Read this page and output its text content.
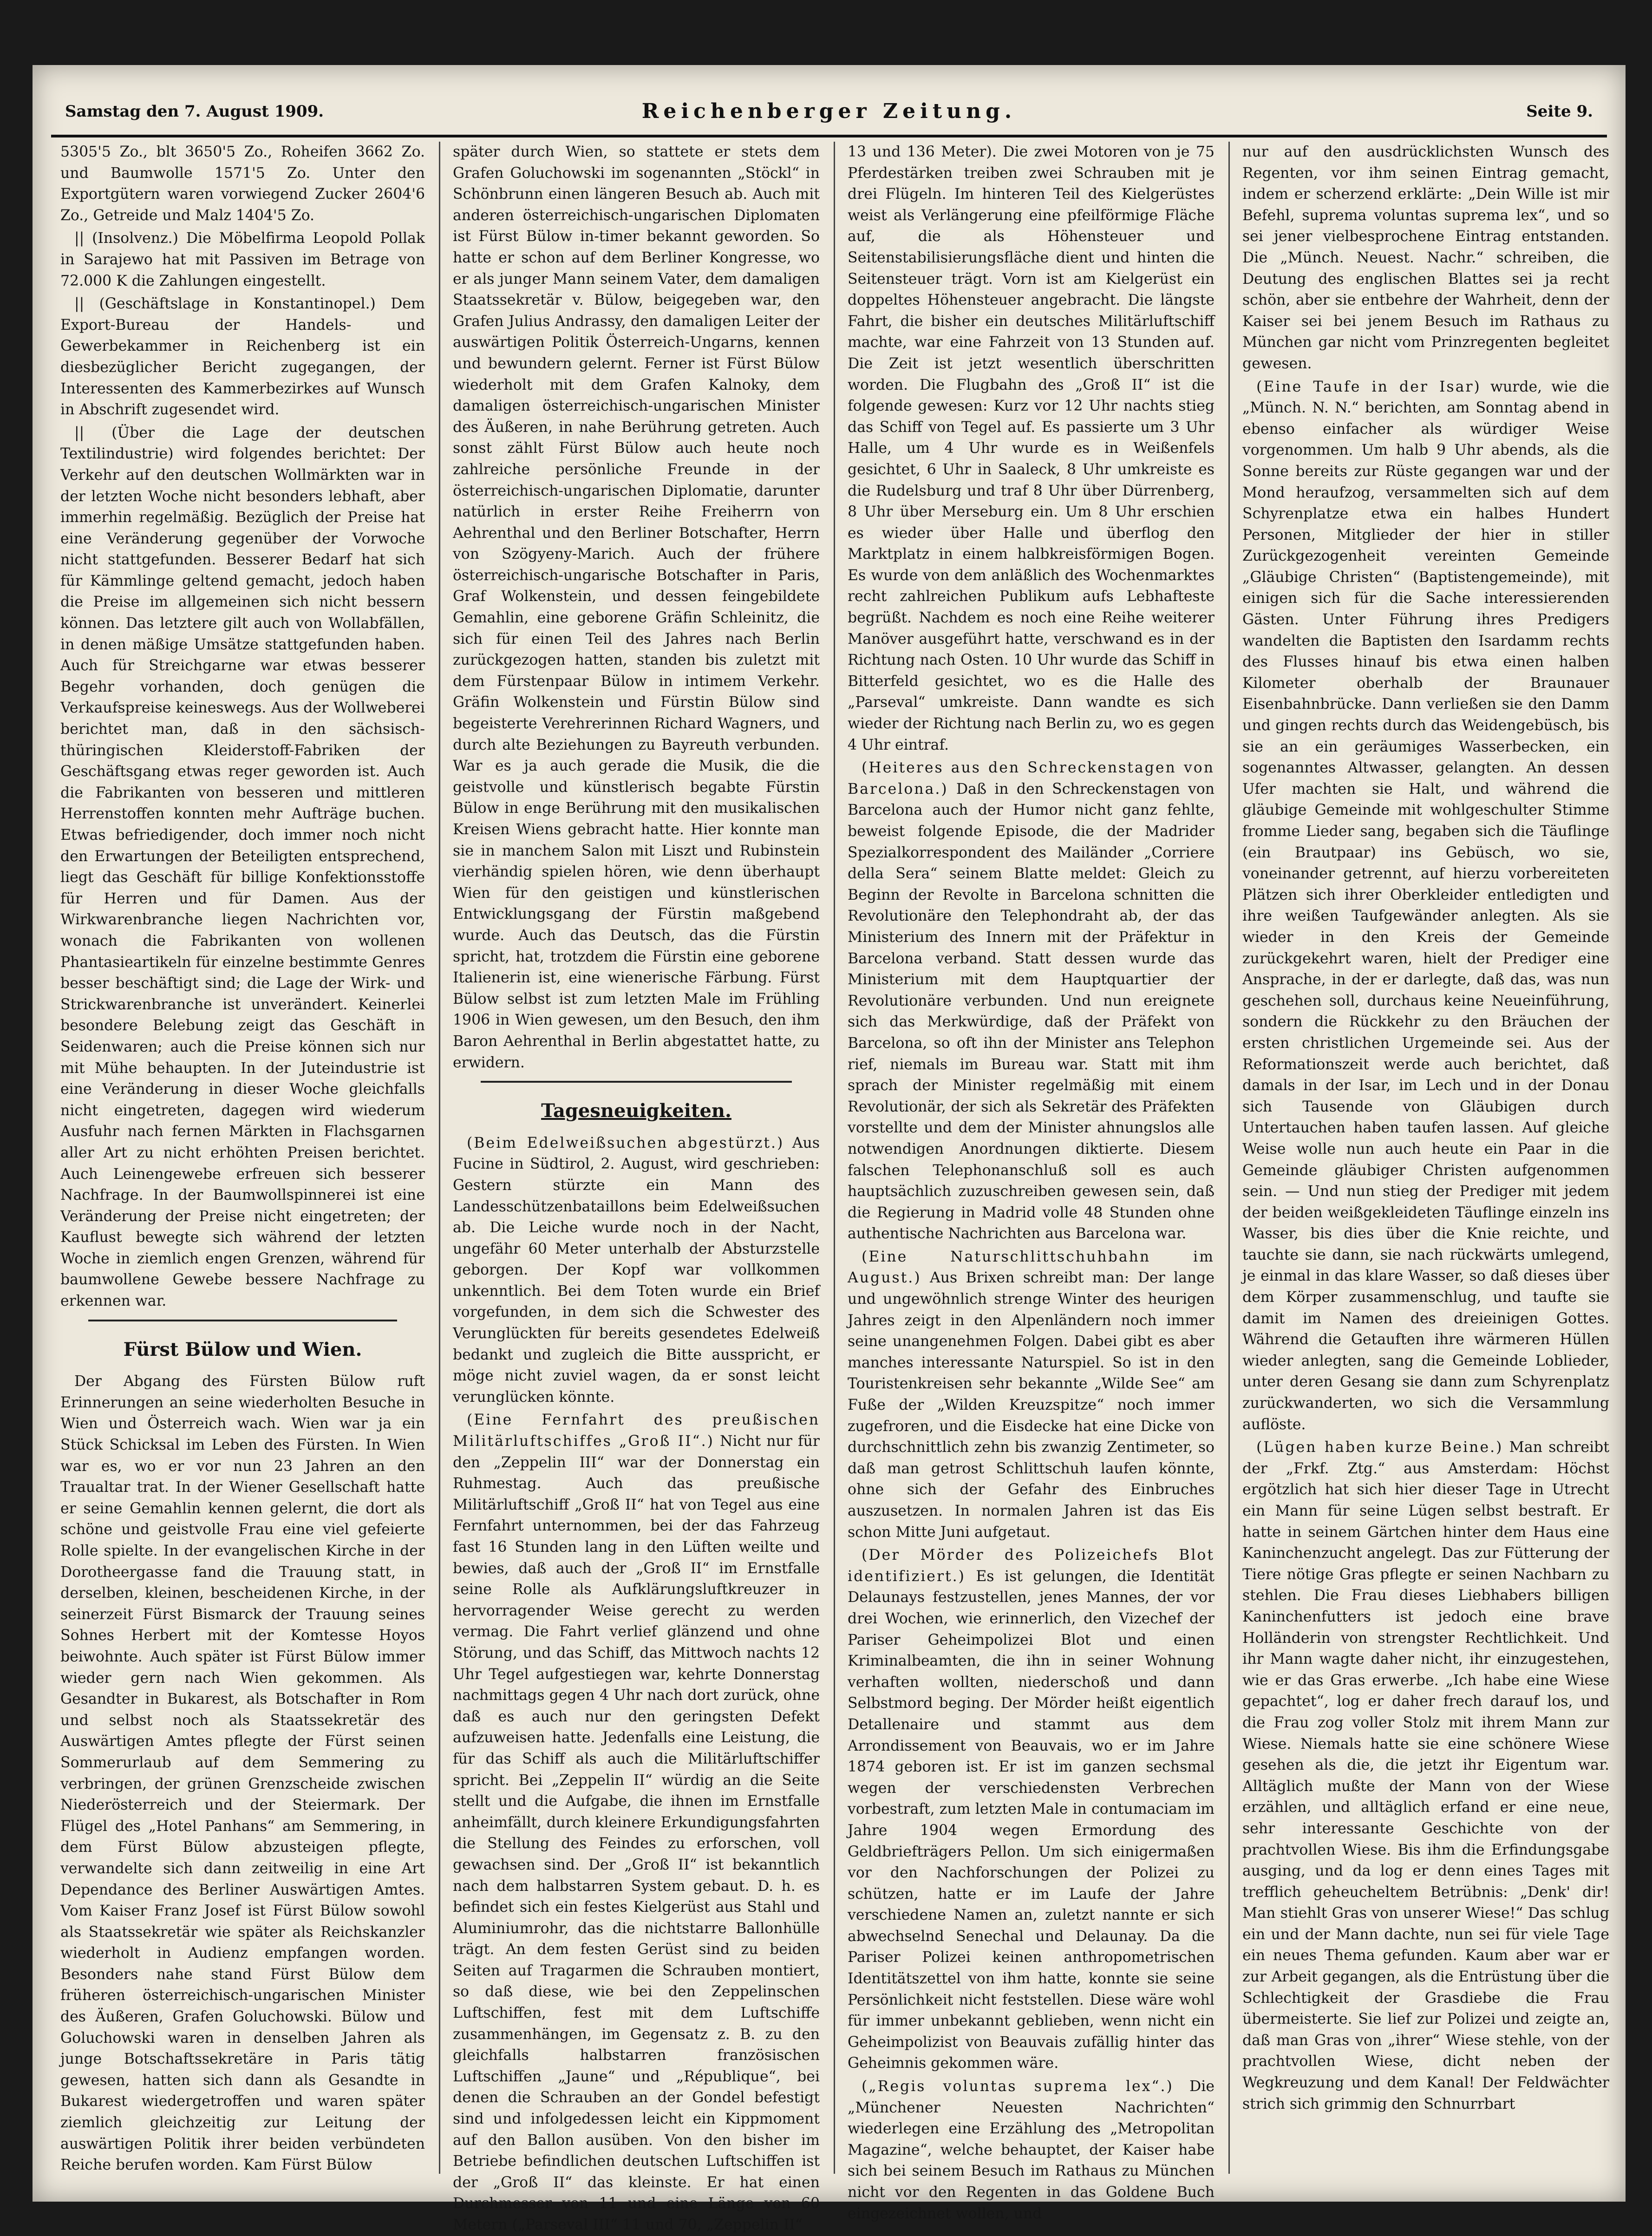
Samstag den 7. August 1909.	Reichenberger Zeitung.	Seite 9.

5305'5 Zo., blt 3650'5 Zo., Roheifen 3662 Zo. und Baumwolle 1571'5 Zo. Unter den Exportgütern waren vorwiegend Zucker 2604'6 Zo., Getreide und Malz 1404'5 Zo.

|| (Insolvenz.) Die Möbelfirma Leopold Pollak in Sarajewo hat mit Passiven im Betrage von 72.000 K die Zahlungen eingestellt.

|| (Geschäftslage in Konstantinopel.) Dem Export-Bureau der Handels- und Gewerbekammer in Reichenberg ist ein diesbezüglicher Bericht zugegangen, der Interessenten des Kammerbezirkes auf Wunsch in Abschrift zugesendet wird.

|| (Über die Lage der deutschen Textilindustrie) wird folgendes berichtet: Der Verkehr auf den deutschen Wollmärkten war in der letzten Woche nicht besonders lebhaft, aber immerhin regelmäßig. Bezüglich der Preise hat eine Veränderung gegenüber der Vorwoche nicht stattgefunden. Besserer Bedarf hat sich für Kämmlinge geltend gemacht, jedoch haben die Preise im allgemeinen sich nicht bessern können. Das letztere gilt auch von Wollabfällen, in denen mäßige Umsätze stattgefunden haben. Auch für Streichgarne war etwas besserer Begehr vorhanden, doch genügen die Verkaufspreise keineswegs. Aus der Wollweberei berichtet man, daß in den sächsisch-thüringischen Kleiderstoff-Fabriken der Geschäftsgang etwas reger geworden ist. Auch die Fabrikanten von besseren und mittleren Herrenstoffen konnten mehr Aufträge buchen. Etwas befriedigender, doch immer noch nicht den Erwartungen der Beteiligten entsprechend, liegt das Geschäft für billige Konfektionsstoffe für Herren und für Damen. Aus der Wirkwarenbranche liegen Nachrichten vor, wonach die Fabrikanten von wollenen Phantasieartikeln für einzelne bestimmte Genres besser beschäftigt sind; die Lage der Wirk- und Strickwarenbranche ist unverändert. Keinerlei besondere Belebung zeigt das Geschäft in Seidenwaren; auch die Preise können sich nur mit Mühe behaupten. In der Juteindustrie ist eine Veränderung in dieser Woche gleichfalls nicht eingetreten, dagegen wird wiederum Ausfuhr nach fernen Märkten in Flachsgarnen aller Art zu nicht erhöhten Preisen berichtet. Auch Leinengewebe erfreuen sich besserer Nachfrage. In der Baumwollspinnerei ist eine Veränderung der Preise nicht eingetreten; der Kauflust bewegte sich während der letzten Woche in ziemlich engen Grenzen, während für baumwollene Gewebe bessere Nachfrage zu erkennen war.

Fürst Bülow und Wien.

Der Abgang des Fürsten Bülow ruft Erinnerungen an seine wiederholten Besuche in Wien und Österreich wach. Wien war ja ein Stück Schicksal im Leben des Fürsten. In Wien war es, wo er vor nun 23 Jahren an den Traualtar trat. In der Wiener Gesellschaft hatte er seine Gemahlin kennen gelernt, die dort als schöne und geistvolle Frau eine viel gefeierte Rolle spielte. In der evangelischen Kirche in der Dorotheergasse fand die Trauung statt, in derselben, kleinen, bescheidenen Kirche, in der seinerzeit Fürst Bismarck der Trauung seines Sohnes Herbert mit der Komtesse Hoyos beiwohnte. Auch später ist Fürst Bülow immer wieder gern nach Wien gekommen. Als Gesandter in Bukarest, als Botschafter in Rom und selbst noch als Staatssekretär des Auswärtigen Amtes pflegte der Fürst seinen Sommerurlaub auf dem Semmering zu verbringen, der grünen Grenzscheide zwischen Niederösterreich und der Steiermark. Der Flügel des „Hotel Panhans“ am Semmering, in dem Fürst Bülow abzusteigen pflegte, verwandelte sich dann zeitweilig in eine Art Dependance des Berliner Auswärtigen Amtes. Vom Kaiser Franz Josef ist Fürst Bülow sowohl als Staatssekretär wie später als Reichskanzler wiederholt in Audienz empfangen worden. Besonders nahe stand Fürst Bülow dem früheren österreichisch-ungarischen Minister des Äußeren, Grafen Goluchowski. Bülow und Goluchowski waren in denselben Jahren als junge Botschaftssekretäre in Paris tätig gewesen, hatten sich dann als Gesandte in Bukarest wiedergetroffen und waren später ziemlich gleichzeitig zur Leitung der auswärtigen Politik ihrer beiden verbündeten Reiche berufen worden. Kam Fürst Bülow

später durch Wien, so stattete er stets dem Grafen Goluchowski im sogenannten „Stöckl“ in Schönbrunn einen längeren Besuch ab. Auch mit anderen österreichisch-ungarischen Diplomaten ist Fürst Bülow in-timer bekannt geworden. So hatte er schon auf dem Berliner Kongresse, wo er als junger Mann seinem Vater, dem damaligen Staatssekretär v. Bülow, beigegeben war, den Grafen Julius Andrassy, den damaligen Leiter der auswärtigen Politik Österreich-Ungarns, kennen und bewundern gelernt. Ferner ist Fürst Bülow wiederholt mit dem Grafen Kalnoky, dem damaligen österreichisch-ungarischen Minister des Äußeren, in nahe Berührung getreten. Auch sonst zählt Fürst Bülow auch heute noch zahlreiche persönliche Freunde in der österreichisch-ungarischen Diplomatie, darunter natürlich in erster Reihe Freiherrn von Aehrenthal und den Berliner Botschafter, Herrn von Szögyeny-Marich. Auch der frühere österreichisch-ungarische Botschafter in Paris, Graf Wolkenstein, und dessen feingebildete Gemahlin, eine geborene Gräfin Schleinitz, die sich für einen Teil des Jahres nach Berlin zurückgezogen hatten, standen bis zuletzt mit dem Fürstenpaar Bülow in intimem Verkehr. Gräfin Wolkenstein und Fürstin Bülow sind begeisterte Verehrerinnen Richard Wagners, und durch alte Beziehungen zu Bayreuth verbunden. War es ja auch gerade die Musik, die die geistvolle und künstlerisch begabte Fürstin Bülow in enge Berührung mit den musikalischen Kreisen Wiens gebracht hatte. Hier konnte man sie in manchem Salon mit Liszt und Rubinstein vierhändig spielen hören, wie denn überhaupt Wien für den geistigen und künstlerischen Entwicklungsgang der Fürstin maßgebend wurde. Auch das Deutsch, das die Fürstin spricht, hat, trotzdem die Fürstin eine geborene Italienerin ist, eine wienerische Färbung. Fürst Bülow selbst ist zum letzten Male im Frühling 1906 in Wien gewesen, um den Besuch, den ihm Baron Aehrenthal in Berlin abgestattet hatte, zu erwidern.

Tagesneuigkeiten.

(Beim Edelweißsuchen abgestürzt.) Aus Fucine in Südtirol, 2. August, wird geschrieben: Gestern stürzte ein Mann des Landesschützenbataillons beim Edelweißsuchen ab. Die Leiche wurde noch in der Nacht, ungefähr 60 Meter unterhalb der Absturzstelle geborgen. Der Kopf war vollkommen unkenntlich. Bei dem Toten wurde ein Brief vorgefunden, in dem sich die Schwester des Verunglückten für bereits gesendetes Edelweiß bedankt und zugleich die Bitte ausspricht, er möge nicht zuviel wagen, da er sonst leicht verunglücken könnte.

(Eine Fernfahrt des preußischen Militärluftschiffes „Groß II“.) Nicht nur für den „Zeppelin III“ war der Donnerstag ein Ruhmestag. Auch das preußische Militärluftschiff „Groß II“ hat von Tegel aus eine Fernfahrt unternommen, bei der das Fahrzeug fast 16 Stunden lang in den Lüften weilte und bewies, daß auch der „Groß II“ im Ernstfalle seine Rolle als Aufklärungsluftkreuzer in hervorragender Weise gerecht zu werden vermag. Die Fahrt verlief glänzend und ohne Störung, und das Schiff, das Mittwoch nachts 12 Uhr Tegel aufgestiegen war, kehrte Donnerstag nachmittags gegen 4 Uhr nach dort zurück, ohne daß es auch nur den geringsten Defekt aufzuweisen hatte. Jedenfalls eine Leistung, die für das Schiff als auch die Militärluftschiffer spricht. Bei „Zeppelin II“ würdig an die Seite stellt und die Aufgabe, die ihnen im Ernstfalle anheimfällt, durch kleinere Erkundigungsfahrten die Stellung des Feindes zu erforschen, voll gewachsen sind. Der „Groß II“ ist bekanntlich nach dem halbstarren System gebaut. D. h. es befindet sich ein festes Kielgerüst aus Stahl und Aluminiumrohr, das die nichtstarre Ballonhülle trägt. An dem festen Gerüst sind zu beiden Seiten auf Tragarmen die Schrauben montiert, so daß diese, wie bei den Zeppelinschen Luftschiffen, fest mit dem Luftschiffe zusammenhängen, im Gegensatz z. B. zu den gleichfalls halbstarren französischen Luftschiffen „Jaune“ und „République“, bei denen die Schrauben an der Gondel befestigt sind und infolgedessen leicht ein Kippmoment auf den Ballon ausüben. Von den bisher im Betriebe befindlichen deutschen Luftschiffen ist der „Groß II“ das kleinste. Er hat einen Durchmesser von 11 und eine Länge von 60 Metern („Parseval III“ 11 und 70, „Zeppelin II“

13 und 136 Meter). Die zwei Motoren von je 75 Pferdestärken treiben zwei Schrauben mit je drei Flügeln. Im hinteren Teil des Kielgerüstes weist als Verlängerung eine pfeilförmige Fläche auf, die als Höhensteuer und Seitenstabilisierungsfläche dient und hinten die Seitensteuer trägt. Vorn ist am Kielgerüst ein doppeltes Höhensteuer angebracht. Die längste Fahrt, die bisher ein deutsches Militärluftschiff machte, war eine Fahrzeit von 13 Stunden auf. Die Zeit ist jetzt wesentlich überschritten worden. Die Flugbahn des „Groß II“ ist die folgende gewesen: Kurz vor 12 Uhr nachts stieg das Schiff von Tegel auf. Es passierte um 3 Uhr Halle, um 4 Uhr wurde es in Weißenfels gesichtet, 6 Uhr in Saaleck, 8 Uhr umkreiste es die Rudelsburg und traf 8 Uhr über Dürrenberg, 8 Uhr über Merseburg ein. Um 8 Uhr erschien es wieder über Halle und überflog den Marktplatz in einem halbkreisförmigen Bogen. Es wurde von dem anläßlich des Wochenmarktes recht zahlreichen Publikum aufs Lebhafteste begrüßt. Nachdem es noch eine Reihe weiterer Manöver ausgeführt hatte, verschwand es in der Richtung nach Osten. 10 Uhr wurde das Schiff in Bitterfeld gesichtet, wo es die Halle des „Parseval“ umkreiste. Dann wandte es sich wieder der Richtung nach Berlin zu, wo es gegen 4 Uhr eintraf.

(Heiteres aus den Schreckenstagen von Barcelona.) Daß in den Schreckenstagen von Barcelona auch der Humor nicht ganz fehlte, beweist folgende Episode, die der Madrider Spezialkorrespondent des Mailänder „Corriere della Sera“ seinem Blatte meldet: Gleich zu Beginn der Revolte in Barcelona schnitten die Revolutionäre den Telephondraht ab, der das Ministerium des Innern mit der Präfektur in Barcelona verband. Statt dessen wurde das Ministerium mit dem Hauptquartier der Revolutionäre verbunden. Und nun ereignete sich das Merkwürdige, daß der Präfekt von Barcelona, so oft ihn der Minister ans Telephon rief, niemals im Bureau war. Statt mit ihm sprach der Minister regelmäßig mit einem Revolutionär, der sich als Sekretär des Präfekten vorstellte und dem der Minister ahnungslos alle notwendigen Anordnungen diktierte. Diesem falschen Telephonanschluß soll es auch hauptsächlich zuzuschreiben gewesen sein, daß die Regierung in Madrid volle 48 Stunden ohne authentische Nachrichten aus Barcelona war.

(Eine Naturschlittschuhbahn im August.) Aus Brixen schreibt man: Der lange und ungewöhnlich strenge Winter des heurigen Jahres zeigt in den Alpenländern noch immer seine unangenehmen Folgen. Dabei gibt es aber manches interessante Naturspiel. So ist in den Touristenkreisen sehr bekannte „Wilde See“ am Fuße der „Wilden Kreuzspitze“ noch immer zugefroren, und die Eisdecke hat eine Dicke von durchschnittlich zehn bis zwanzig Zentimeter, so daß man getrost Schlittschuh laufen könnte, ohne sich der Gefahr des Einbruches auszusetzen. In normalen Jahren ist das Eis schon Mitte Juni aufgetaut.

(Der Mörder des Polizeichefs Blot identifiziert.) Es ist gelungen, die Identität Delaunays festzustellen, jenes Mannes, der vor drei Wochen, wie erinnerlich, den Vizechef der Pariser Geheimpolizei Blot und einen Kriminalbeamten, die ihn in seiner Wohnung verhaften wollten, niederschoß und dann Selbstmord beging. Der Mörder heißt eigentlich Detallenaire und stammt aus dem Arrondissement von Beauvais, wo er im Jahre 1874 geboren ist. Er ist im ganzen sechsmal wegen der verschiedensten Verbrechen vorbestraft, zum letzten Male in contumaciam im Jahre 1904 wegen Ermordung des Geldbriefträgers Pellon. Um sich einigermaßen vor den Nachforschungen der Polizei zu schützen, hatte er im Laufe der Jahre verschiedene Namen an, zuletzt nannte er sich abwechselnd Senechal und Delaunay. Da die Pariser Polizei keinen anthropometrischen Identitätszettel von ihm hatte, konnte sie seine Persönlichkeit nicht feststellen. Diese wäre wohl für immer unbekannt geblieben, wenn nicht ein Geheimpolizist von Beauvais zufällig hinter das Geheimnis gekommen wäre.

(„Regis voluntas suprema lex“.) Die „Münchener Neuesten Nachrichten“ wiederlegen eine Erzählung des „Metropolitan Magazine“, welche behauptet, der Kaiser habe sich bei seinem Besuch im Rathaus zu München nicht vor den Regenten in das Goldene Buch eingezeichnet wollen, und

nur auf den ausdrücklichsten Wunsch des Regenten, vor ihm seinen Eintrag gemacht, indem er scherzend erklärte: „Dein Wille ist mir Befehl, suprema voluntas suprema lex“, und so sei jener vielbesprochene Eintrag entstanden. Die „Münch. Neuest. Nachr.“ schreiben, die Deutung des englischen Blattes sei ja recht schön, aber sie entbehre der Wahrheit, denn der Kaiser sei bei jenem Besuch im Rathaus zu München gar nicht vom Prinzregenten begleitet gewesen.

(Eine Taufe in der Isar) wurde, wie die „Münch. N. N.“ berichten, am Sonntag abend in ebenso einfacher als würdiger Weise vorgenommen. Um halb 9 Uhr abends, als die Sonne bereits zur Rüste gegangen war und der Mond heraufzog, versammelten sich auf dem Schyrenplatze etwa ein halbes Hundert Personen, Mitglieder der hier in stiller Zurückgezogenheit vereinten Gemeinde „Gläubige Christen“ (Baptistengemeinde), mit einigen sich für die Sache interessierenden Gästen. Unter Führung ihres Predigers wandelten die Baptisten den Isardamm rechts des Flusses hinauf bis etwa einen halben Kilometer oberhalb der Braunauer Eisenbahnbrücke. Dann verließen sie den Damm und gingen rechts durch das Weidengebüsch, bis sie an ein geräumiges Wasserbecken, ein sogenanntes Altwasser, gelangten. An dessen Ufer machten sie Halt, und während die gläubige Gemeinde mit wohlgeschulter Stimme fromme Lieder sang, begaben sich die Täuflinge (ein Brautpaar) ins Gebüsch, wo sie, voneinander getrennt, auf hierzu vorbereiteten Plätzen sich ihrer Oberkleider entledigten und ihre weißen Taufgewänder anlegten. Als sie wieder in den Kreis der Gemeinde zurückgekehrt waren, hielt der Prediger eine Ansprache, in der er darlegte, daß das, was nun geschehen soll, durchaus keine Neueinführung, sondern die Rückkehr zu den Bräuchen der ersten christlichen Urgemeinde sei. Aus der Reformationszeit werde auch berichtet, daß damals in der Isar, im Lech und in der Donau sich Tausende von Gläubigen durch Untertauchen haben taufen lassen. Auf gleiche Weise wolle nun auch heute ein Paar in die Gemeinde gläubiger Christen aufgenommen sein. — Und nun stieg der Prediger mit jedem der beiden weißgekleideten Täuflinge einzeln ins Wasser, bis dies über die Knie reichte, und tauchte sie dann, sie nach rückwärts umlegend, je einmal in das klare Wasser, so daß dieses über dem Körper zusammenschlug, und taufte sie damit im Namen des dreieinigen Gottes. Während die Getauften ihre wärmeren Hüllen wieder anlegten, sang die Gemeinde Loblieder, unter deren Gesang sie dann zum Schyrenplatz zurückwanderten, wo sich die Versammlung auflöste.

(Lügen haben kurze Beine.) Man schreibt der „Frkf. Ztg.“ aus Amsterdam: Höchst ergötzlich hat sich hier dieser Tage in Utrecht ein Mann für seine Lügen selbst bestraft. Er hatte in seinem Gärtchen hinter dem Haus eine Kaninchenzucht angelegt. Das zur Fütterung der Tiere nötige Gras pflegte er seinen Nachbarn zu stehlen. Die Frau dieses Liebhabers billigen Kaninchenfutters ist jedoch eine brave Holländerin von strengster Rechtlichkeit. Und ihr Mann wagte daher nicht, ihr einzugestehen, wie er das Gras erwerbe. „Ich habe eine Wiese gepachtet“, log er daher frech darauf los, und die Frau zog voller Stolz mit ihrem Mann zur Wiese. Niemals hatte sie eine schönere Wiese gesehen als die, die jetzt ihr Eigentum war. Alltäglich mußte der Mann von der Wiese erzählen, und alltäglich erfand er eine neue, sehr interessante Geschichte von der prachtvollen Wiese. Bis ihm die Erfindungsgabe ausging, und da log er denn eines Tages mit trefflich geheucheltem Betrübnis: „Denk' dir! Man stiehlt Gras von unserer Wiese!“ Das schlug ein und der Mann dachte, nun sei für viele Tage ein neues Thema gefunden. Kaum aber war er zur Arbeit gegangen, als die Entrüstung über die Schlechtigkeit der Grasdiebe die Frau übermeisterte. Sie lief zur Polizei und zeigte an, daß man Gras von „ihrer“ Wiese stehle, von der prachtvollen Wiese, dicht neben der Wegkreuzung und dem Kanal! Der Feldwächter strich sich grimmig den Schnurrbart
